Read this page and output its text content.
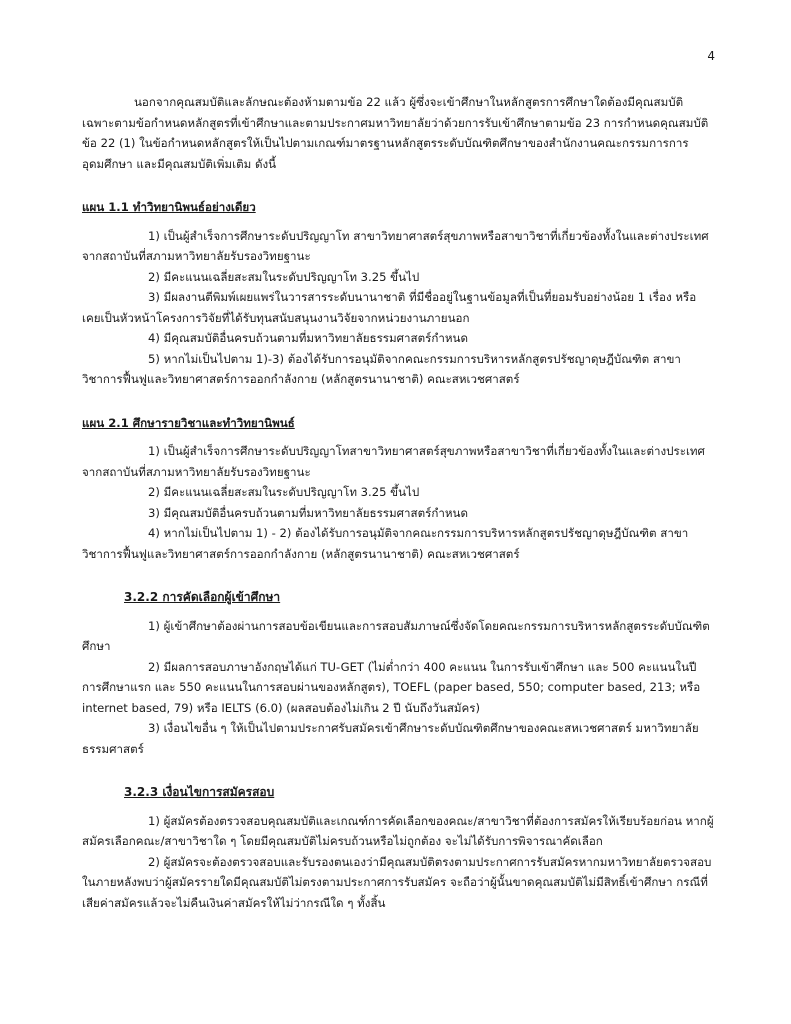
4

นอกจากคุณสมบัติและลักษณะต้องห้ามตามข้อ 22 แล้ว ผู้ซึ่งจะเข้าศึกษาในหลักสูตรการศึกษาใดต้องมีคุณสมบัติเฉพาะตามข้อกำหนดหลักสูตรที่เข้าศึกษาและตามประกาศมหาวิทยาลัยว่าด้วยการรับเข้าศึกษาตามข้อ 23 การกำหนดคุณสมบัติข้อ 22 (1) ในข้อกำหนดหลักสูตรให้เป็นไปตามเกณฑ์มาตรฐานหลักสูตรระดับบัณฑิตศึกษาของสำนักงานคณะกรรมการการอุดมศึกษา และมีคุณสมบัติเพิ่มเติม ดังนี้

แผน 1.1 ทำวิทยานิพนธ์อย่างเดียว

1) เป็นผู้สำเร็จการศึกษาระดับปริญญาโท สาขาวิทยาศาสตร์สุขภาพหรือสาขาวิชาที่เกี่ยวข้องทั้งในและต่างประเทศ จากสถาบันที่สภามหาวิทยาลัยรับรองวิทยฐานะ

2) มีคะแนนเฉลี่ยสะสมในระดับปริญญาโท 3.25 ขึ้นไป

3) มีผลงานตีพิมพ์เผยแพร่ในวารสารระดับนานาชาติ ที่มีชื่ออยู่ในฐานข้อมูลที่เป็นที่ยอมรับอย่างน้อย 1 เรื่อง หรือเคยเป็นหัวหน้าโครงการวิจัยที่ได้รับทุนสนับสนุนงานวิจัยจากหน่วยงานภายนอก

4) มีคุณสมบัติอื่นครบถ้วนตามที่มหาวิทยาลัยธรรมศาสตร์กำหนด

5) หากไม่เป็นไปตาม 1)-3) ต้องได้รับการอนุมัติจากคณะกรรมการบริหารหลักสูตรปรัชญาดุษฎีบัณฑิต สาขาวิชาการฟื้นฟูและวิทยาศาสตร์การออกกำลังกาย (หลักสูตรนานาชาติ) คณะสหเวชศาสตร์

แผน 2.1 ศึกษารายวิชาและทำวิทยานิพนธ์

1) เป็นผู้สำเร็จการศึกษาระดับปริญญาโทสาขาวิทยาศาสตร์สุขภาพหรือสาขาวิชาที่เกี่ยวข้องทั้งในและต่างประเทศจากสถาบันที่สภามหาวิทยาลัยรับรองวิทยฐานะ

2) มีคะแนนเฉลี่ยสะสมในระดับปริญญาโท 3.25 ขึ้นไป

3) มีคุณสมบัติอื่นครบถ้วนตามที่มหาวิทยาลัยธรรมศาสตร์กำหนด

4) หากไม่เป็นไปตาม 1) - 2) ต้องได้รับการอนุมัติจากคณะกรรมการบริหารหลักสูตรปรัชญาดุษฎีบัณฑิต สาขาวิชาการฟื้นฟูและวิทยาศาสตร์การออกกำลังกาย (หลักสูตรนานาชาติ) คณะสหเวชศาสตร์

3.2.2 การคัดเลือกผู้เข้าศึกษา

1) ผู้เข้าศึกษาต้องผ่านการสอบข้อเขียนและการสอบสัมภาษณ์ซึ่งจัดโดยคณะกรรมการบริหารหลักสูตรระดับบัณฑิตศึกษา

2) มีผลการสอบภาษาอังกฤษได้แก่ TU-GET (ไม่ต่ำกว่า 400 คะแนน ในการรับเข้าศึกษา และ 500 คะแนนในปีการศึกษาแรก และ 550 คะแนนในการสอบผ่านของหลักสูตร), TOEFL (paper based, 550; computer based, 213; หรือ internet based, 79) หรือ IELTS (6.0) (ผลสอบต้องไม่เกิน 2 ปี นับถึงวันสมัคร)

3) เงื่อนไขอื่น ๆ ให้เป็นไปตามประกาศรับสมัครเข้าศึกษาระดับบัณฑิตศึกษาของคณะสหเวชศาสตร์ มหาวิทยาลัยธรรมศาสตร์

3.2.3 เงื่อนไขการสมัครสอบ

1) ผู้สมัครต้องตรวจสอบคุณสมบัติและเกณฑ์การคัดเลือกของคณะ/สาขาวิชาที่ต้องการสมัครให้เรียบร้อยก่อน หากผู้สมัครเลือกคณะ/สาขาวิชาใด ๆ โดยมีคุณสมบัติไม่ครบถ้วนหรือไม่ถูกต้อง จะไม่ได้รับการพิจารณาคัดเลือก

2) ผู้สมัครจะต้องตรวจสอบและรับรองตนเองว่ามีคุณสมบัติตรงตามประกาศการรับสมัครหากมหาวิทยาลัยตรวจสอบในภายหลังพบว่าผู้สมัครรายใดมีคุณสมบัติไม่ตรงตามประกาศการรับสมัคร จะถือว่าผู้นั้นขาดคุณสมบัติไม่มีสิทธิ์เข้าศึกษา กรณีที่เสียค่าสมัครแล้วจะไม่คืนเงินค่าสมัครให้ไม่ว่ากรณีใด ๆ ทั้งสิ้น
